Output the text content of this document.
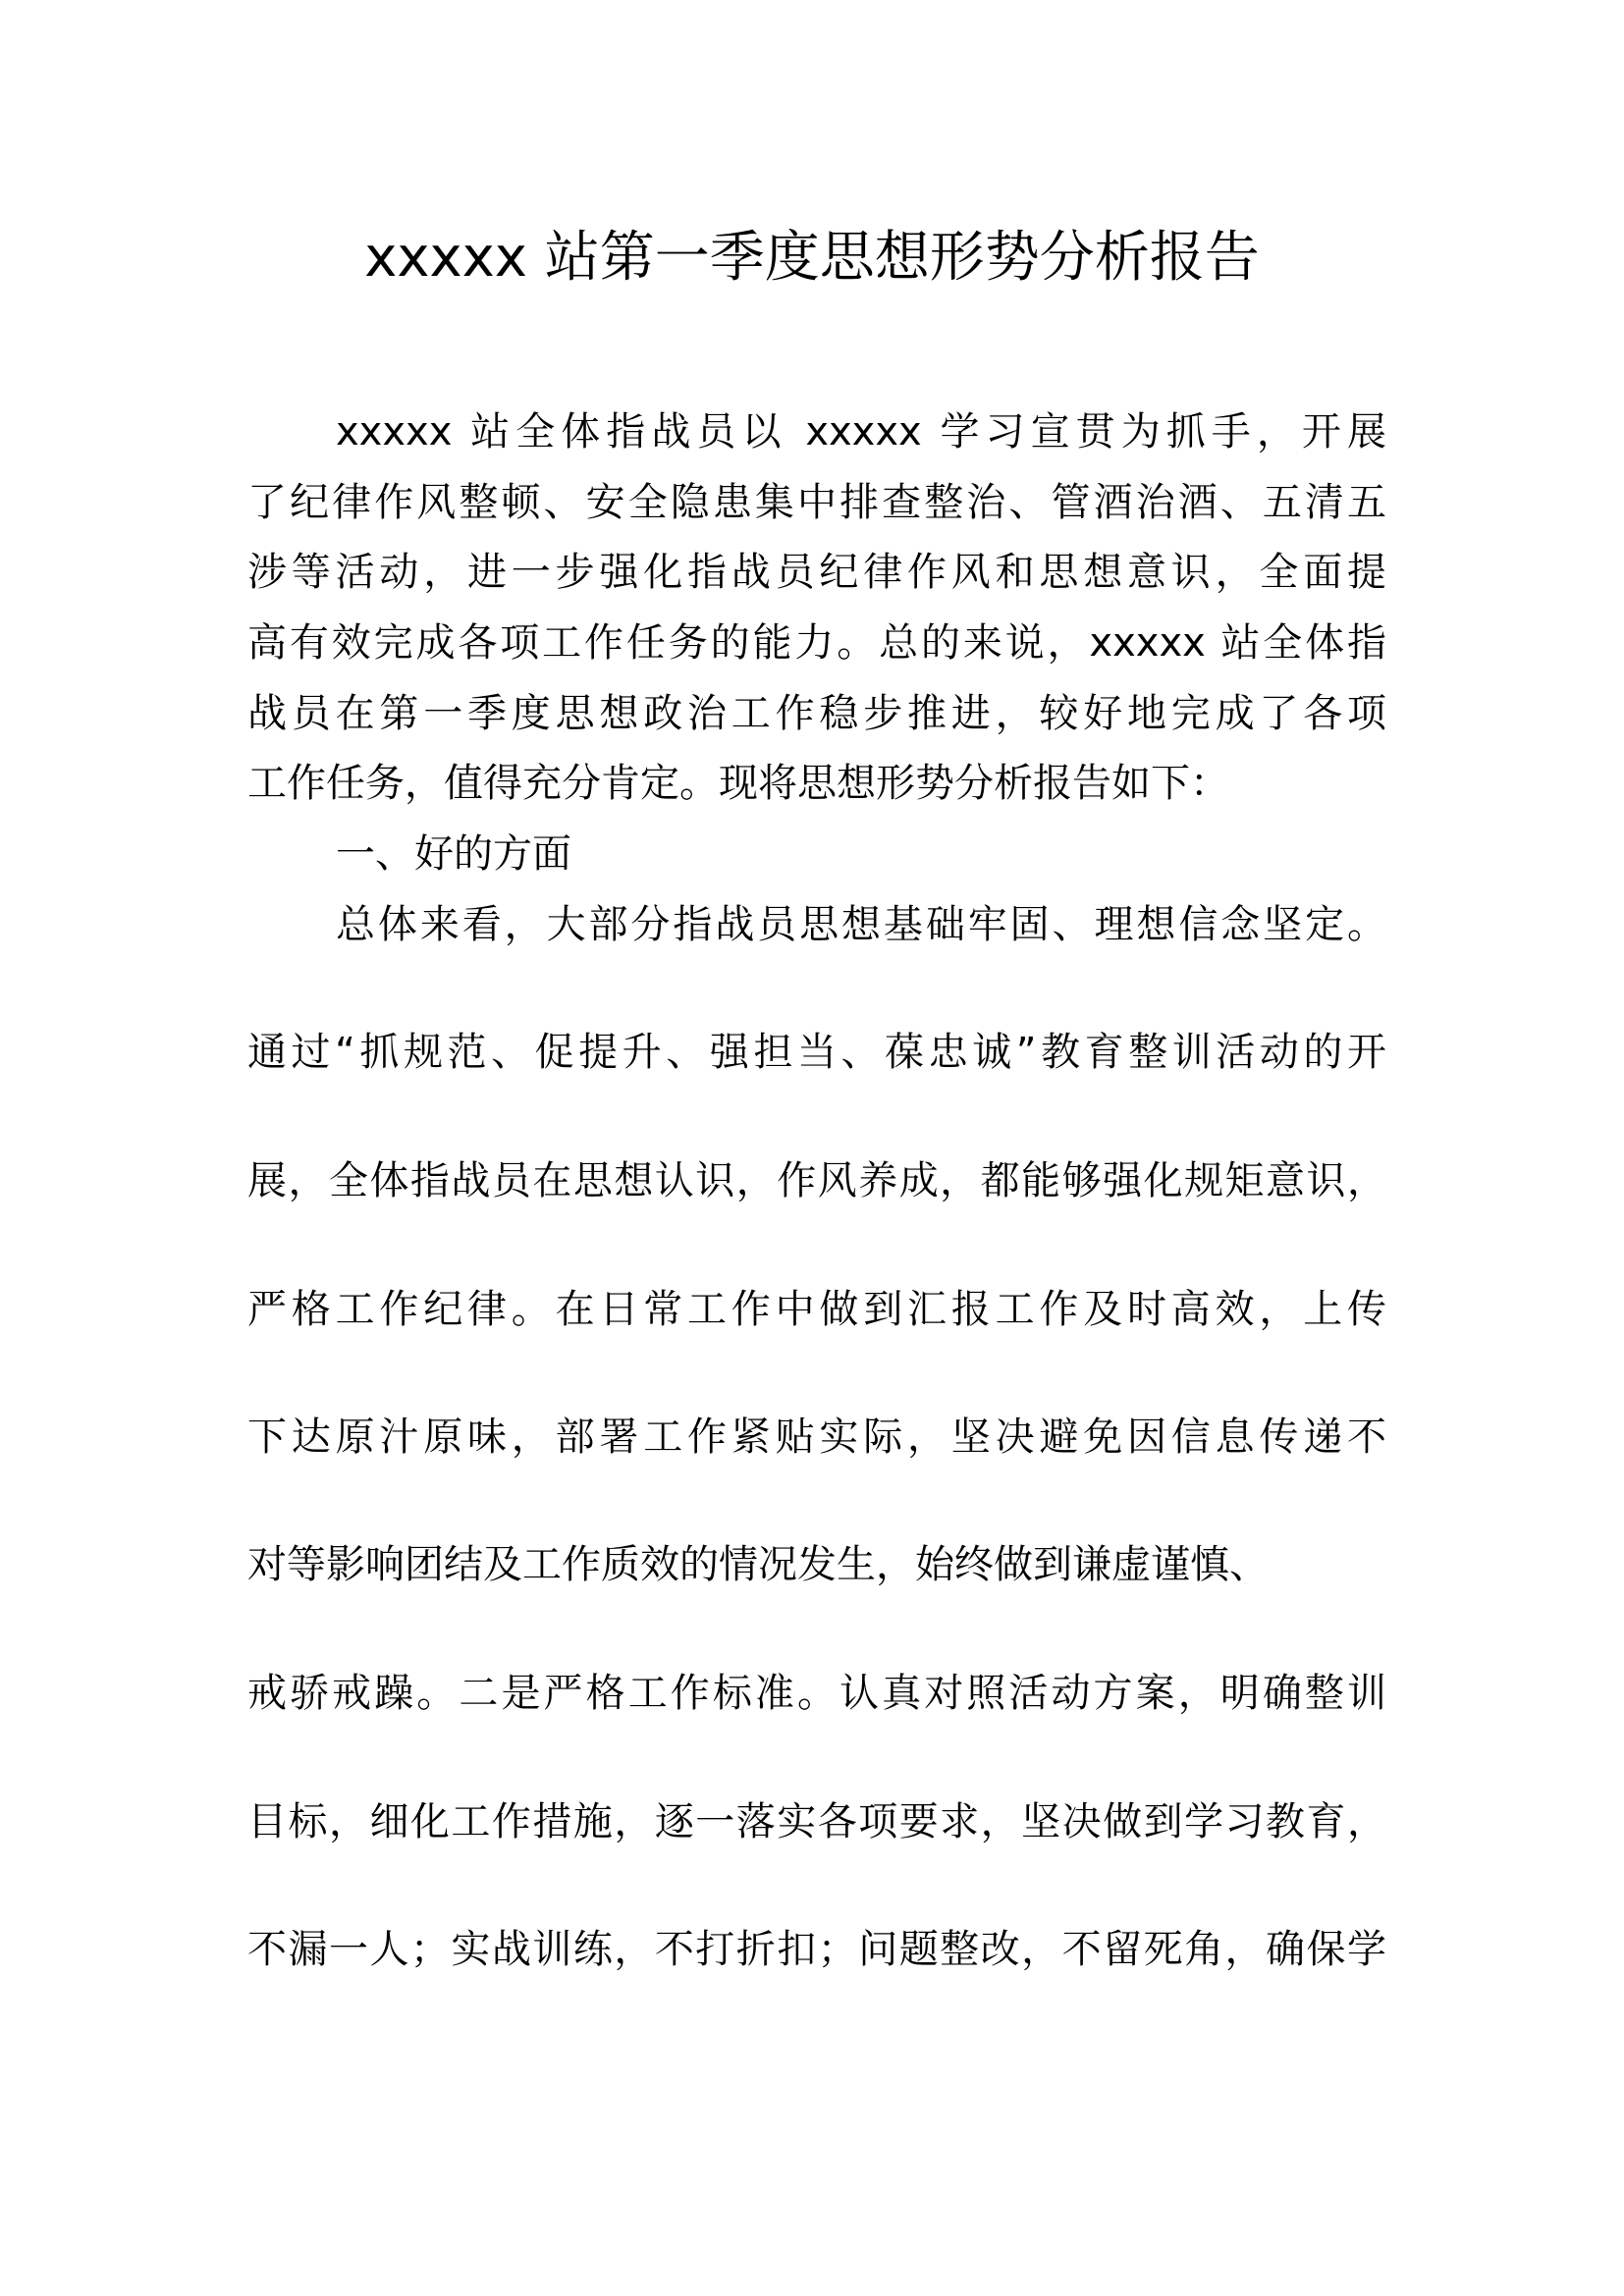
xxxxx 站第一季度思想形势分析报告
xxxxx 站全体指战员以 xxxxx 学习宣贯为抓手，开展
了纪律作风整顿、安全隐患集中排查整治、管酒治酒、五清五
涉等活动，进一步强化指战员纪律作风和思想意识，全面提
高有效完成各项工作任务的能力。总的来说，xxxxx 站全体指
战员在第一季度思想政治工作稳步推进，较好地完成了各项
工作任务，值得充分肯定。现将思想形势分析报告如下：
一、好的方面
总体来看，大部分指战员思想基础牢固、理想信念坚定。
通过“抓规范、促提升、强担当、葆忠诚”教育整训活动的开
展，全体指战员在思想认识，作风养成，都能够强化规矩意识，
严格工作纪律。在日常工作中做到汇报工作及时高效，上传
下达原汁原味，部署工作紧贴实际，坚决避免因信息传递不
对等影响团结及工作质效的情况发生，始终做到谦虚谨慎、
戒骄戒躁。二是严格工作标准。认真对照活动方案，明确整训
目标，细化工作措施，逐一落实各项要求，坚决做到学习教育，
不漏一人；实战训练，不打折扣；问题整改，不留死角，确保学
